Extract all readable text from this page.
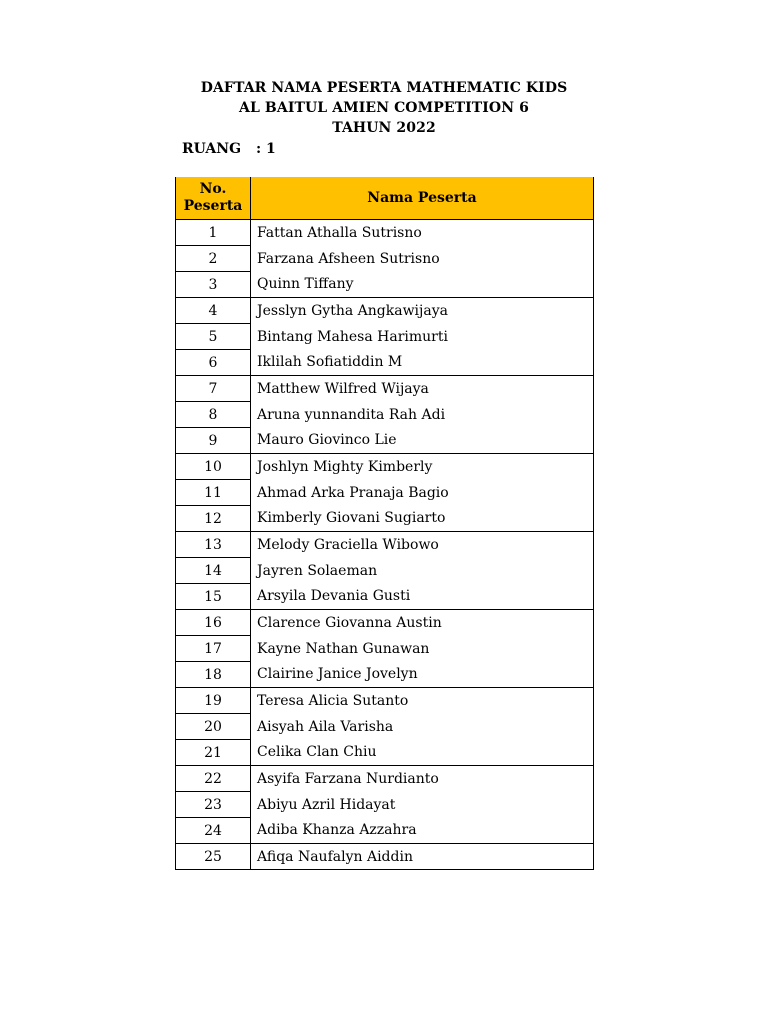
DAFTAR NAMA PESERTA MATHEMATIC KIDS
AL BAITUL AMIEN COMPETITION 6
TAHUN 2022
RUANG : 1
No.
Peserta	Nama Peserta
1	Fattan Athalla Sutrisno
2	Farzana Afsheen Sutrisno
3	Quinn Tiffany
4	Jesslyn Gytha Angkawijaya
5	Bintang Mahesa Harimurti
6	Iklilah Sofiatiddin M
7	Matthew Wilfred Wijaya
8	Aruna yunnandita Rah Adi
9	Mauro Giovinco Lie
10	Joshlyn Mighty Kimberly
11	Ahmad Arka Pranaja Bagio
12	Kimberly Giovani Sugiarto
13	Melody Graciella Wibowo
14	Jayren Solaeman
15	Arsyila Devania Gusti
16	Clarence Giovanna Austin
17	Kayne Nathan Gunawan
18	Clairine Janice Jovelyn
19	Teresa Alicia Sutanto
20	Aisyah Aila Varisha
21	Celika Clan Chiu
22	Asyifa Farzana Nurdianto
23	Abiyu Azril Hidayat
24	Adiba Khanza Azzahra
25	Afiqa Naufalyn Aiddin
